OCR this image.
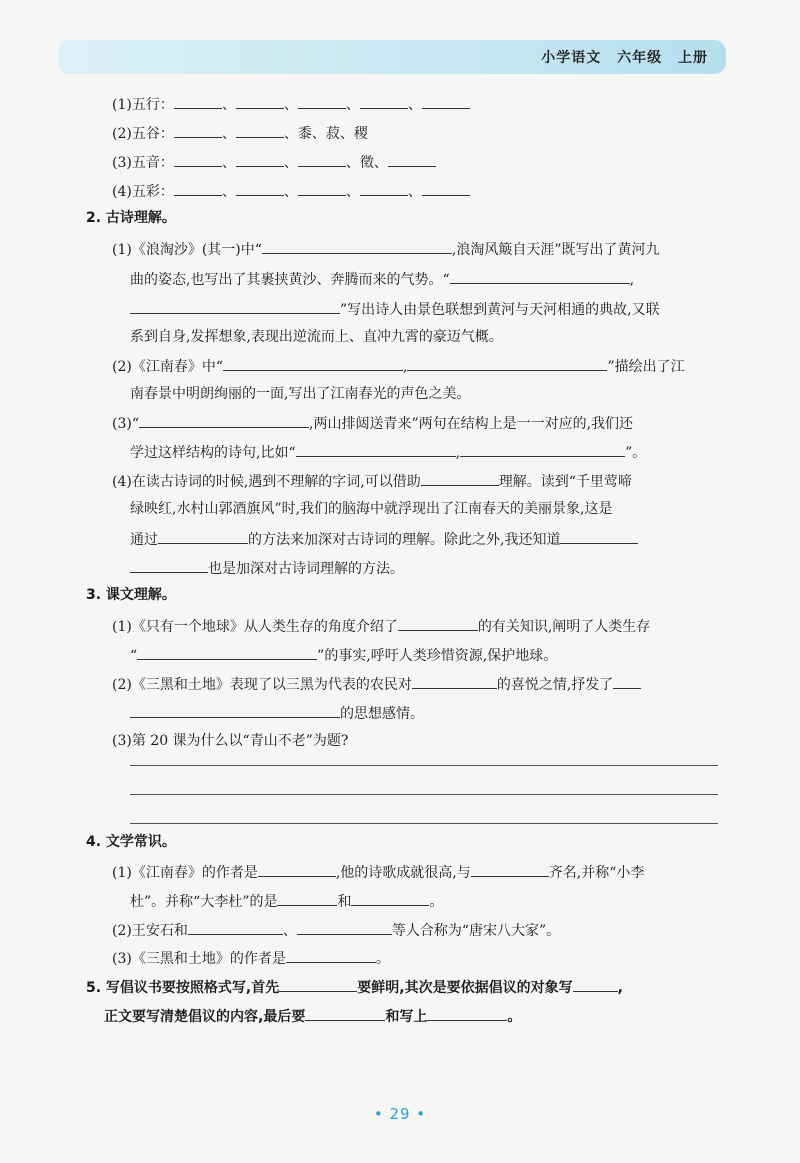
小学语文 六年级 上册
(1)五行：	、	、	、	、
(2)五谷：	、	、黍、菽、稷
(3)五音：	、	、	、徵、
(4)五彩：	、	、	、	、
2. 古诗理解。
(1)《浪淘沙》(其一)中“	,浪淘风簸自天涯”既写出了黄河九
曲的姿态,也写出了其裹挟黄沙、奔腾而来的气势。“	,
”写出诗人由景色联想到黄河与天河相通的典故,又联
系到自身,发挥想象,表现出逆流而上、直冲九霄的豪迈气概。
(2)《江南春》中“	,	”描绘出了江
南春景中明朗绚丽的一面,写出了江南春光的声色之美。
(3)“	,两山排闼送青来”两句在结构上是一一对应的,我们还
学过这样结构的诗句,比如“	,	”。
(4)在读古诗词的时候,遇到不理解的字词,可以借助	理解。读到“千里莺啼
绿映红,水村山郭酒旗风”时,我们的脑海中就浮现出了江南春天的美丽景象,这是
通过	的方法来加深对古诗词的理解。除此之外,我还知道
也是加深对古诗词理解的方法。
3. 课文理解。
(1)《只有一个地球》从人类生存的角度介绍了	的有关知识,阐明了人类生存
“	”的事实,呼吁人类珍惜资源,保护地球。
(2)《三黑和土地》表现了以三黑为代表的农民对	的喜悦之情,抒发了
的思想感情。
(3)第 20 课为什么以“青山不老”为题?
4. 文学常识。
(1)《江南春》的作者是	,他的诗歌成就很高,与	齐名,并称“小李
杜”。并称“大李杜”的是	和	。
(2)王安石和	、	等人合称为“唐宋八大家”。
(3)《三黑和土地》的作者是	。
5. 写倡议书要按照格式写,首先	要鲜明,其次是要依据倡议的对象写	,
正文要写清楚倡议的内容,最后要	和写上	。
• 29 •
